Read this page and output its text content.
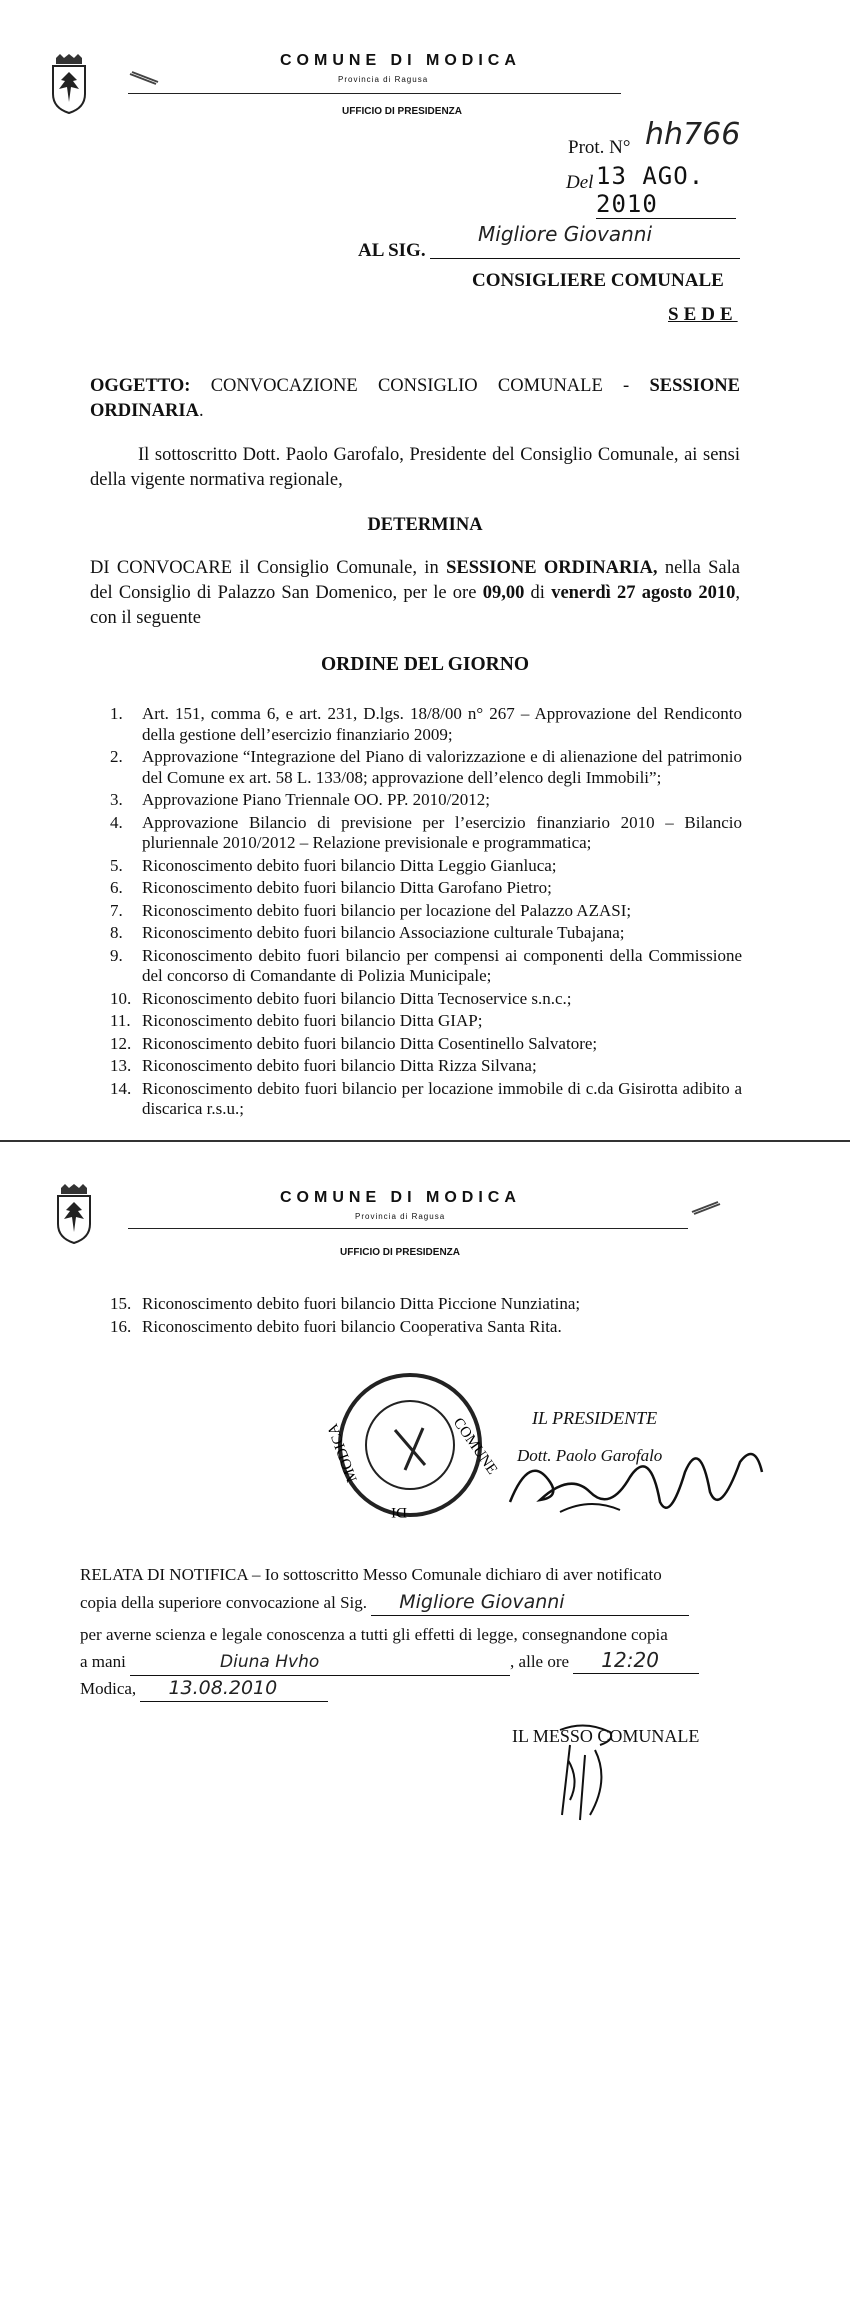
COMUNE DI MODICA
Provincia di Ragusa
UFFICIO DI PRESIDENZA
Prot. N° hh766
Del 13 AGO. 2010
AL SIG.
Migliore Giovanni
CONSIGLIERE COMUNALE
SEDE
OGGETTO: CONVOCAZIONE CONSIGLIO COMUNALE - SESSIONE ORDINARIA.
Il sottoscritto Dott. Paolo Garofalo, Presidente del Consiglio Comunale, ai sensi della vigente normativa regionale,
DETERMINA
DI CONVOCARE il Consiglio Comunale, in SESSIONE ORDINARIA, nella Sala del Consiglio di Palazzo San Domenico, per le ore 09,00 di venerdì 27 agosto 2010, con il seguente
ORDINE DEL GIORNO
1. Art. 151, comma 6, e art. 231, D.lgs. 18/8/00 n° 267 – Approvazione del Rendiconto della gestione dell’esercizio finanziario 2009;
2. Approvazione “Integrazione del Piano di valorizzazione e di alienazione del patrimonio del Comune ex art. 58 L. 133/08; approvazione dell’elenco degli Immobili”;
3. Approvazione Piano Triennale OO. PP. 2010/2012;
4. Approvazione Bilancio di previsione per l’esercizio finanziario 2010 – Bilancio pluriennale 2010/2012 – Relazione previsionale e programmatica;
5. Riconoscimento debito fuori bilancio Ditta Leggio Gianluca;
6. Riconoscimento debito fuori bilancio Ditta Garofano Pietro;
7. Riconoscimento debito fuori bilancio per locazione del Palazzo AZASI;
8. Riconoscimento debito fuori bilancio Associazione culturale Tubajana;
9. Riconoscimento debito fuori bilancio per compensi ai componenti della Commissione del concorso di Comandante di Polizia Municipale;
10. Riconoscimento debito fuori bilancio Ditta Tecnoservice s.n.c.;
11. Riconoscimento debito fuori bilancio Ditta GIAP;
12. Riconoscimento debito fuori bilancio Ditta Cosentinello Salvatore;
13. Riconoscimento debito fuori bilancio Ditta Rizza Silvana;
14. Riconoscimento debito fuori bilancio per locazione immobile di c.da Gisirotta adibito a discarica r.s.u.;
COMUNE DI MODICA
Provincia di Ragusa
UFFICIO DI PRESIDENZA
15. Riconoscimento debito fuori bilancio Ditta Piccione Nunziatina;
16. Riconoscimento debito fuori bilancio Cooperativa Santa Rita.
COMUNE
DI
MODICA
IL PRESIDENTE
Dott. Paolo Garofalo
RELATA DI NOTIFICA – Io sottoscritto Messo Comunale dichiaro di aver notificato
copia della superiore convocazione al Sig. Migliore Giovanni
per averne scienza e legale conoscenza a tutti gli effetti di legge, consegnandone copia
a mani	Diuna Hvho	, alle ore 12:20
Modica, 13.08.2010
IL MESSO COMUNALE
